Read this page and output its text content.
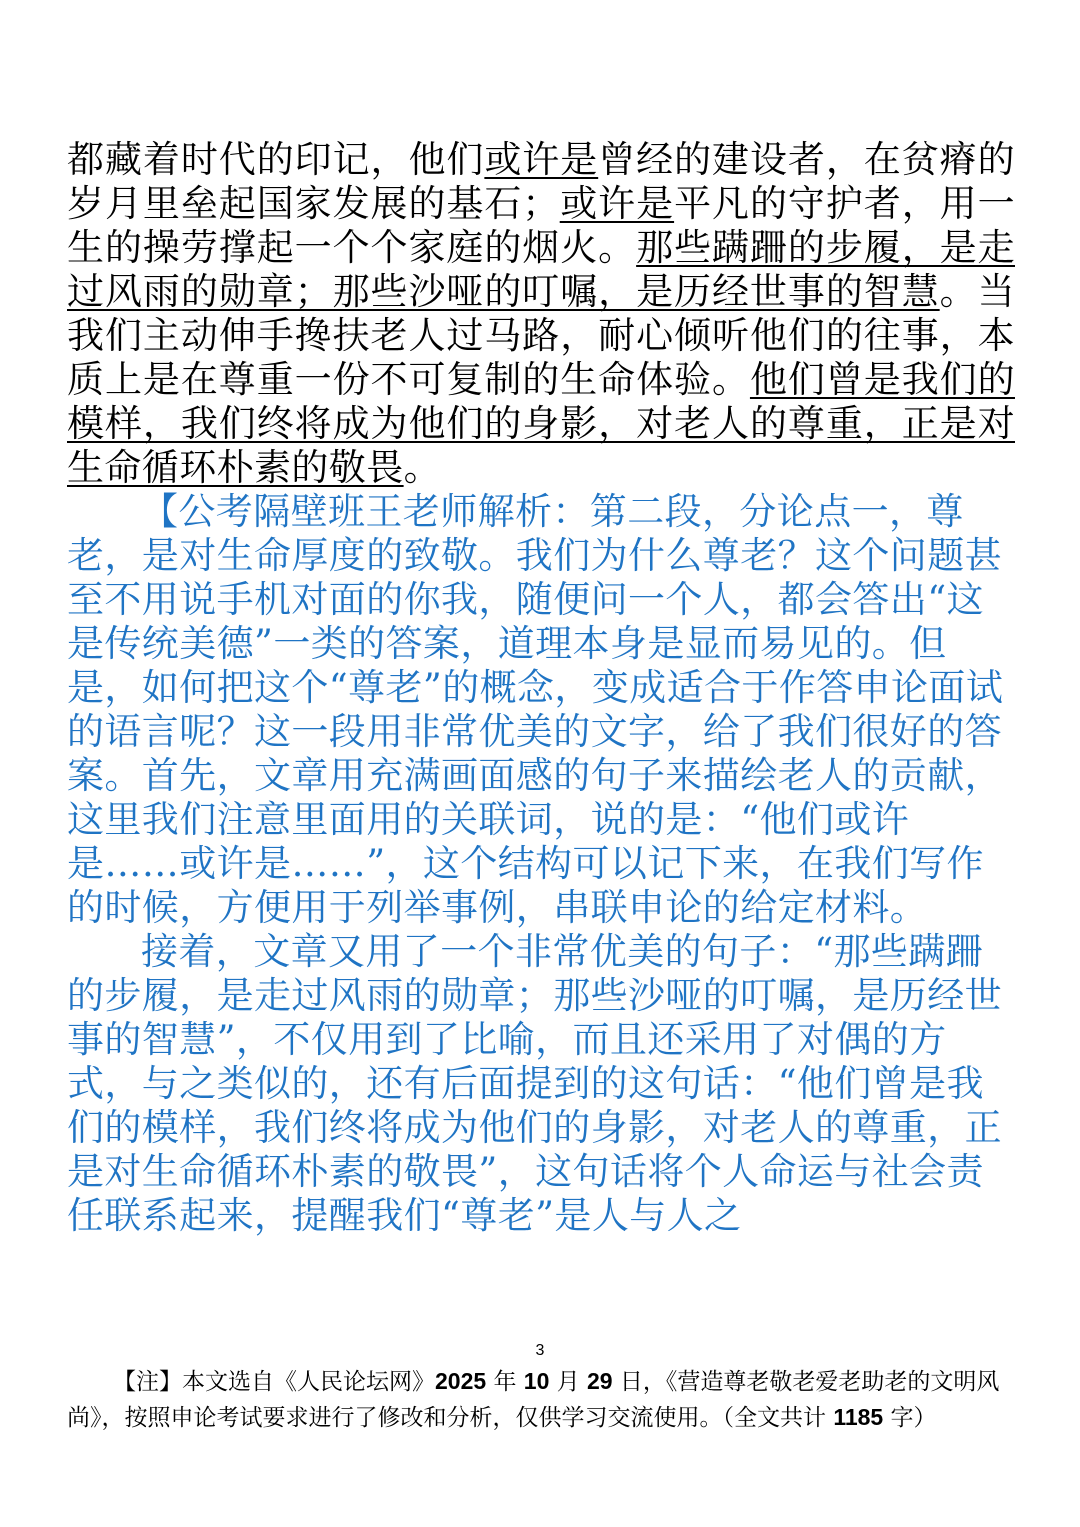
都藏着时代的印记，他们或许是曾经的建设者，在贫瘠的岁月里垒起国家发展的基石；或许是平凡的守护者，用一生的操劳撑起一个个家庭的烟火。那些蹒跚的步履，是走过风雨的勋章；那些沙哑的叮嘱，是历经世事的智慧。当我们主动伸手搀扶老人过马路，耐心倾听他们的往事，本质上是在尊重一份不可复制的生命体验。他们曾是我们的模样，我们终将成为他们的身影，对老人的尊重，正是对生命循环朴素的敬畏。

【公考隔壁班王老师解析：第二段，分论点一，尊老，是对生命厚度的致敬。我们为什么尊老？这个问题甚至不用说手机对面的你我，随便问一个人，都会答出“这是传统美德”一类的答案，道理本身是显而易见的。但是，如何把这个“尊老”的概念，变成适合于作答申论面试的语言呢？这一段用非常优美的文字，给了我们很好的答案。首先，文章用充满画面感的句子来描绘老人的贡献，这里我们注意里面用的关联词，说的是：“他们或许是……或许是……”，这个结构可以记下来，在我们写作的时候，方便用于列举事例，串联申论的给定材料。

接着，文章又用了一个非常优美的句子：“那些蹒跚的步履，是走过风雨的勋章；那些沙哑的叮嘱，是历经世事的智慧”，不仅用到了比喻，而且还采用了对偶的方式，与之类似的，还有后面提到的这句话：“他们曾是我们的模样，我们终将成为他们的身影，对老人的尊重，正是对生命循环朴素的敬畏”，这句话将个人命运与社会责任联系起来，提醒我们“尊老”是人与人之

3
【注】本文选自《人民论坛网》2025 年 10 月 29 日，《营造尊老敬老爱老助老的文明风尚》，按照申论考试要求进行了修改和分析，仅供学习交流使用。（全文共计 1185 字）
